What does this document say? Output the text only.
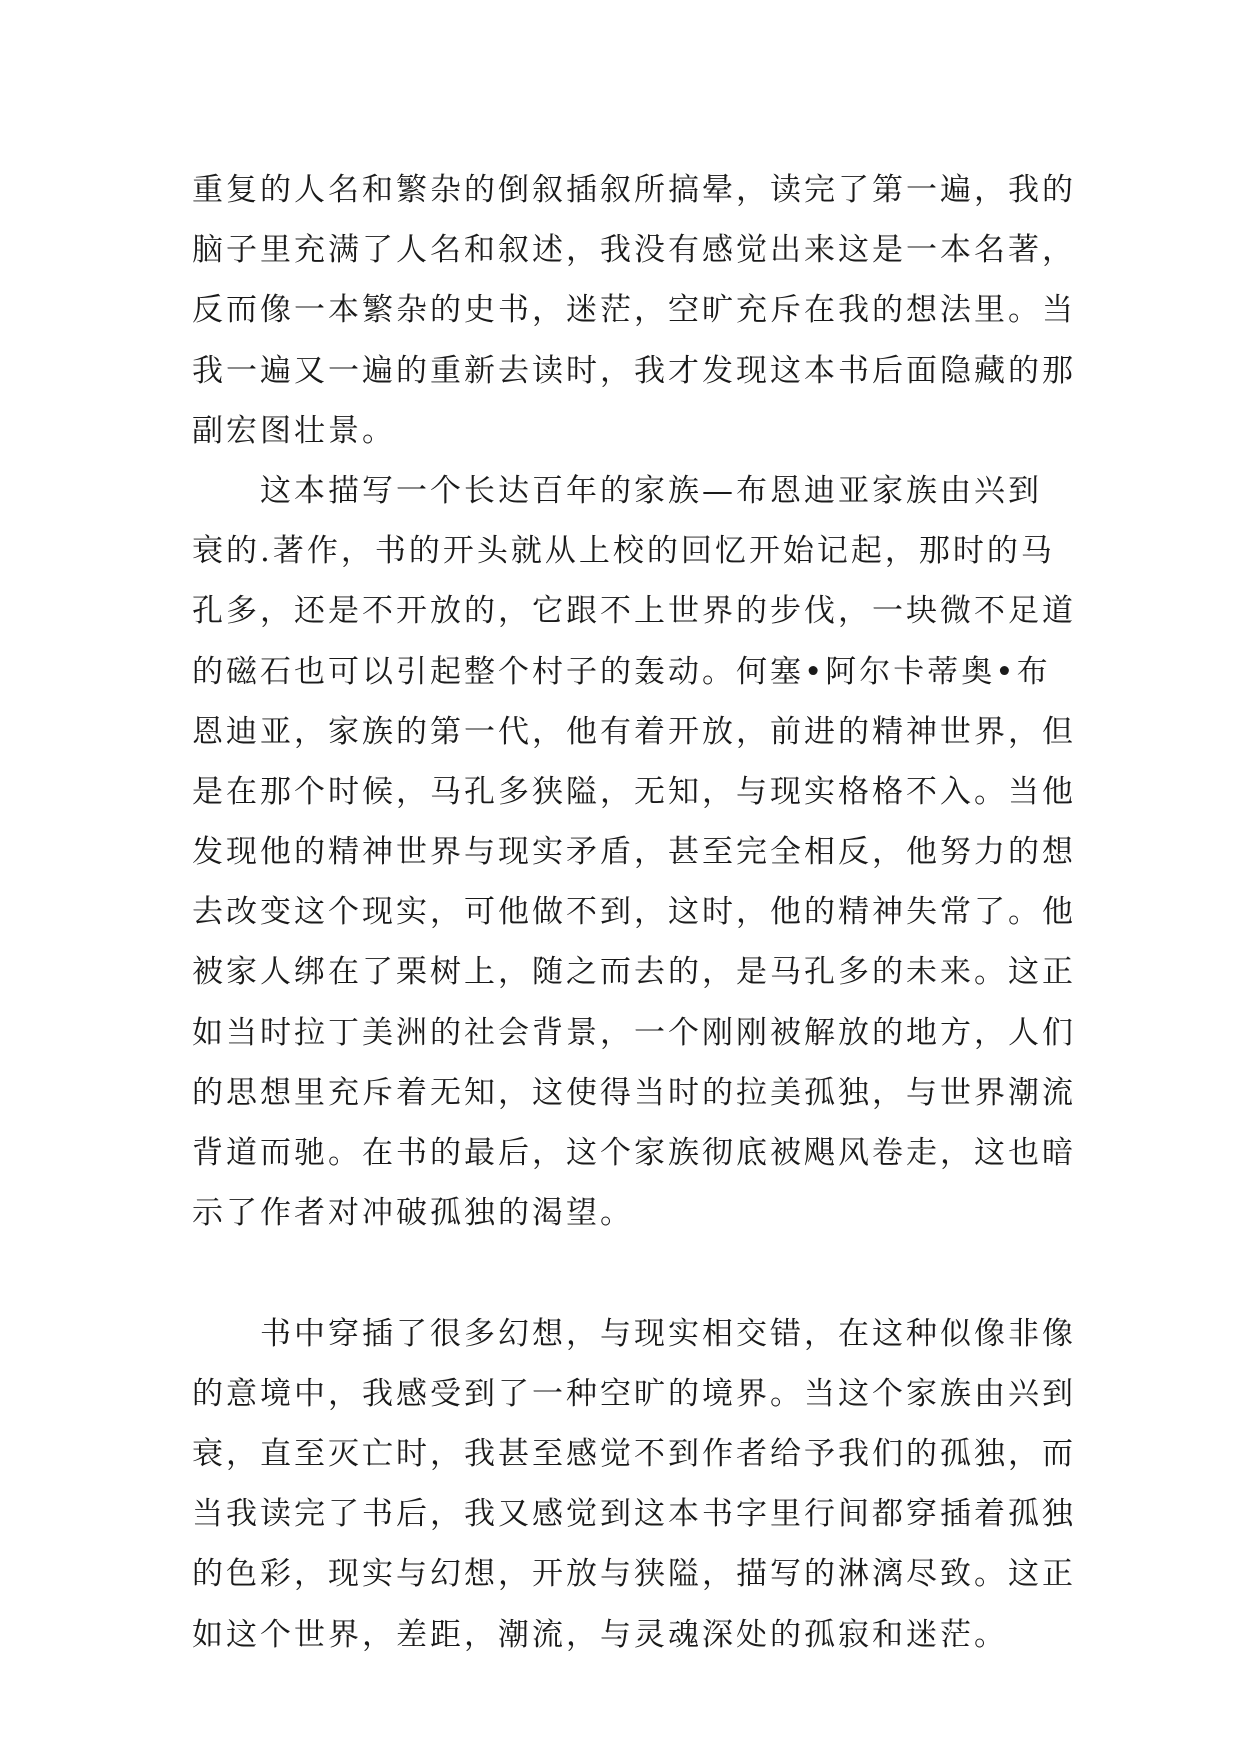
重复的人名和繁杂的倒叙插叙所搞晕，读完了第一遍，我的
脑子里充满了人名和叙述，我没有感觉出来这是一本名著，
反而像一本繁杂的史书，迷茫，空旷充斥在我的想法里。当
我一遍又一遍的重新去读时，我才发现这本书后面隐藏的那
副宏图壮景。
　　这本描写一个长达百年的家族—布恩迪亚家族由兴到
衰的.著作，书的开头就从上校的回忆开始记起，那时的马
孔多，还是不开放的，它跟不上世界的步伐，一块微不足道
的磁石也可以引起整个村子的轰动。何塞•阿尔卡蒂奥•布
恩迪亚，家族的第一代，他有着开放，前进的精神世界，但
是在那个时候，马孔多狭隘，无知，与现实格格不入。当他
发现他的精神世界与现实矛盾，甚至完全相反，他努力的想
去改变这个现实，可他做不到，这时，他的精神失常了。他
被家人绑在了栗树上，随之而去的，是马孔多的未来。这正
如当时拉丁美洲的社会背景，一个刚刚被解放的地方，人们
的思想里充斥着无知，这使得当时的拉美孤独，与世界潮流
背道而驰。在书的最后，这个家族彻底被飓风卷走，这也暗
示了作者对冲破孤独的渴望。
　　书中穿插了很多幻想，与现实相交错，在这种似像非像
的意境中，我感受到了一种空旷的境界。当这个家族由兴到
衰，直至灭亡时，我甚至感觉不到作者给予我们的孤独，而
当我读完了书后，我又感觉到这本书字里行间都穿插着孤独
的色彩，现实与幻想，开放与狭隘，描写的淋漓尽致。这正
如这个世界，差距，潮流，与灵魂深处的孤寂和迷茫。
